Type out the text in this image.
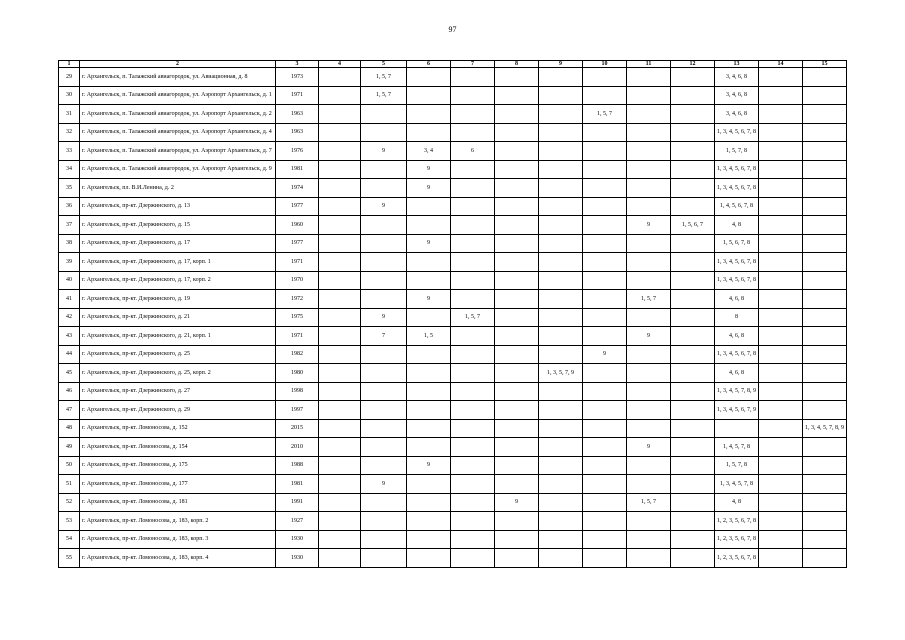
97
1	2	3	4	5	6	7	8	9	10	11	12	13	14	15
29	г. Архангельск, п. Талажский авиагородок, ул. Авиационная, д. 8	1973		1, 5, 7								3, 4, 6, 8		
30	г. Архангельск, п. Талажский авиагородок, ул. Аэропорт Архангельск, д. 1	1971		1, 5, 7								3, 4, 6, 8		
31	г. Архангельск, п. Талажский авиагородок, ул. Аэропорт Архангельск, д. 2	1963							1, 5, 7			3, 4, 6, 8		
32	г. Архангельск, п. Талажский авиагородок, ул. Аэропорт Архангельск, д. 4	1963										1, 3, 4, 5, 6, 7, 8		
33	г. Архангельск, п. Талажский авиагородок, ул. Аэропорт Архангельск, д. 7	1976		9	3, 4	6						1, 5, 7, 8		
34	г. Архангельск, п. Талажский авиагородок, ул. Аэропорт Архангельск, д. 9	1981			9							1, 3, 4, 5, 6, 7, 8		
35	г. Архангельск, пл. В.И.Ленина, д. 2	1974			9							1, 3, 4, 5, 6, 7, 8		
36	г. Архангельск, пр-кт. Дзержинского, д. 13	1977		9								1, 4, 5, 6, 7, 8		
37	г. Архангельск, пр-кт. Дзержинского, д. 15	1960								9	1, 5, 6, 7	4, 8		
38	г. Архангельск, пр-кт. Дзержинского, д. 17	1977			9							1, 5, 6, 7, 8		
39	г. Архангельск, пр-кт. Дзержинского, д. 17, корп. 1	1971										1, 3, 4, 5, 6, 7, 8		
40	г. Архангельск, пр-кт. Дзержинского, д. 17, корп. 2	1970										1, 3, 4, 5, 6, 7, 8		
41	г. Архангельск, пр-кт. Дзержинского, д. 19	1972			9					1, 5, 7		4, 6, 8		
42	г. Архангельск, пр-кт. Дзержинского, д. 21	1975		9		1, 5, 7						8		
43	г. Архангельск, пр-кт. Дзержинского, д. 21, корп. 1	1971		7	1, 5					9		4, 6, 8		
44	г. Архангельск, пр-кт. Дзержинского, д. 25	1982							9			1, 3, 4, 5, 6, 7, 8		
45	г. Архангельск, пр-кт. Дзержинского, д. 25, корп. 2	1980						1, 3, 5, 7, 9				4, 6, 8		
46	г. Архангельск, пр-кт. Дзержинского, д. 27	1998										1, 3, 4, 5, 7, 8, 9		
47	г. Архангельск, пр-кт. Дзержинского, д. 29	1997										1, 3, 4, 5, 6, 7, 9		
48	г. Архангельск, пр-кт. Ломоносова, д. 152	2015												1, 3, 4, 5, 7, 8, 9
49	г. Архангельск, пр-кт. Ломоносова, д. 154	2010								9		1, 4, 5, 7, 8		
50	г. Архангельск, пр-кт. Ломоносова, д. 175	1988			9							1, 5, 7, 8		
51	г. Архангельск, пр-кт. Ломоносова, д. 177	1981		9								1, 3, 4, 5, 7, 8		
52	г. Архангельск, пр-кт. Ломоносова, д. 181	1991					9			1, 5, 7		4, 8		
53	г. Архангельск, пр-кт. Ломоносова, д. 183, корп. 2	1927										1, 2, 3, 5, 6, 7, 8		
54	г. Архангельск, пр-кт. Ломоносова, д. 183, корп. 3	1930										1, 2, 3, 5, 6, 7, 8		
55	г. Архангельск, пр-кт. Ломоносова, д. 183, корп. 4	1930										1, 2, 3, 5, 6, 7, 8		
